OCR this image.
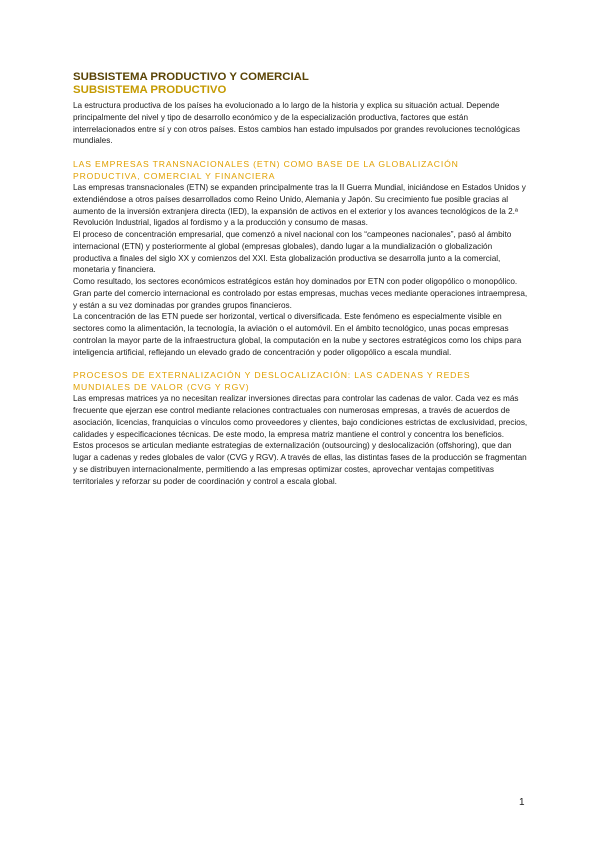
SUBSISTEMA PRODUCTIVO Y COMERCIAL
SUBSISTEMA PRODUCTIVO

La estructura productiva de los países ha evolucionado a lo largo de la historia y explica su situación actual. Depende principalmente del nivel y tipo de desarrollo económico y de la especialización productiva, factores que están interrelacionados entre sí y con otros países. Estos cambios han estado impulsados por grandes revoluciones tecnológicas mundiales.

LAS EMPRESAS TRANSNACIONALES (ETN) COMO BASE DE LA GLOBALIZACIÓN PRODUCTIVA, COMERCIAL Y FINANCIERA

Las empresas transnacionales (ETN) se expanden principalmente tras la II Guerra Mundial, iniciándose en Estados Unidos y extendiéndose a otros países desarrollados como Reino Unido, Alemania y Japón. Su crecimiento fue posible gracias al aumento de la inversión extranjera directa (IED), la expansión de activos en el exterior y los avances tecnológicos de la 2.ª Revolución Industrial, ligados al fordismo y a la producción y consumo de masas.

El proceso de concentración empresarial, que comenzó a nivel nacional con los “campeones nacionales”, pasó al ámbito internacional (ETN) y posteriormente al global (empresas globales), dando lugar a la mundialización o globalización productiva a finales del siglo XX y comienzos del XXI. Esta globalización productiva se desarrolla junto a la comercial, monetaria y financiera.

Como resultado, los sectores económicos estratégicos están hoy dominados por ETN con poder oligopólico o monopólico. Gran parte del comercio internacional es controlado por estas empresas, muchas veces mediante operaciones intraempresa, y están a su vez dominadas por grandes grupos financieros.

La concentración de las ETN puede ser horizontal, vertical o diversificada. Este fenómeno es especialmente visible en sectores como la alimentación, la tecnología, la aviación o el automóvil. En el ámbito tecnológico, unas pocas empresas controlan la mayor parte de la infraestructura global, la computación en la nube y sectores estratégicos como los chips para inteligencia artificial, reflejando un elevado grado de concentración y poder oligopólico a escala mundial.

PROCESOS DE EXTERNALIZACIÓN Y DESLOCALIZACIÓN: LAS CADENAS Y REDES MUNDIALES DE VALOR (CVG Y RGV)

Las empresas matrices ya no necesitan realizar inversiones directas para controlar las cadenas de valor. Cada vez es más frecuente que ejerzan ese control mediante relaciones contractuales con numerosas empresas, a través de acuerdos de asociación, licencias, franquicias o vínculos como proveedores y clientes, bajo condiciones estrictas de exclusividad, precios, calidades y especificaciones técnicas. De este modo, la empresa matriz mantiene el control y concentra los beneficios.

Estos procesos se articulan mediante estrategias de externalización (outsourcing) y deslocalización (offshoring), que dan lugar a cadenas y redes globales de valor (CVG y RGV). A través de ellas, las distintas fases de la producción se fragmentan y se distribuyen internacionalmente, permitiendo a las empresas optimizar costes, aprovechar ventajas competitivas territoriales y reforzar su poder de coordinación y control a escala global.

1
